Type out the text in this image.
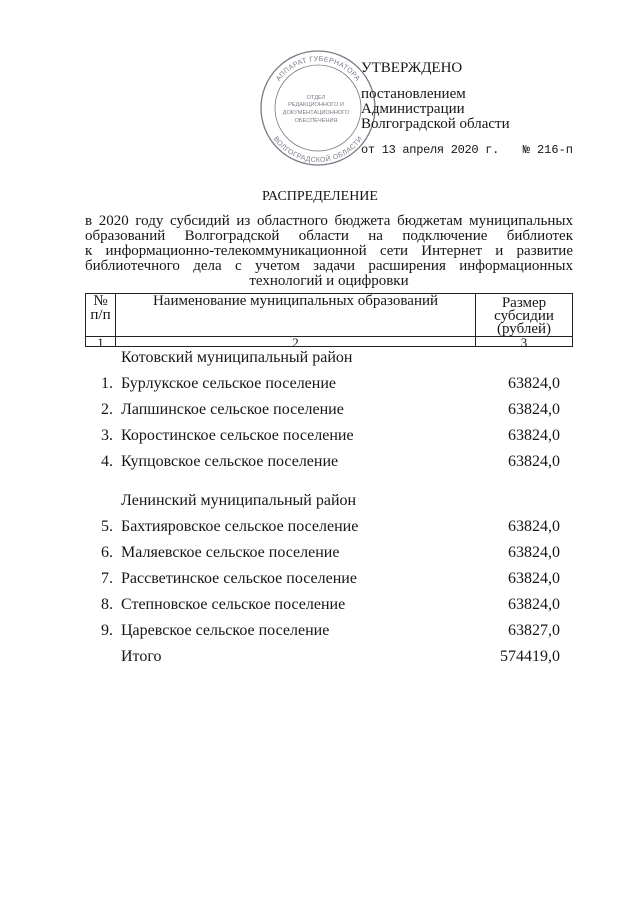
АППАРАТ ГУБЕРНАТОРА
ВОЛГОГРАДСКОЙ ОБЛАСТИ
ОТДЕЛ
РЕДАКЦИОННОГО И
ДОКУМЕНТАЦИОННОГО
ОБЕСПЕЧЕНИЯ
УТВЕРЖДЕНО
постановлением
Администрации
Волгоградской области
от 13 апреля 2020 г. № 216-п
РАСПРЕДЕЛЕНИЕ
в 2020 году субсидий из областного бюджета бюджетам муниципальных
образований Волгоградской области на подключение библиотек
к информационно-телекоммуникационной сети Интернет и развитие
библиотечного дела с учетом задачи расширения информационных
технологий и оцифровки
№
п/п
Наименование муниципальных образований	Размер
субсидии
(рублей)
1	2	3
Котовский муниципальный район
1. Бурлукское сельское поселение	63824,0
2. Лапшинское сельское поселение	63824,0
3. Коростинское сельское поселение	63824,0
4. Купцовское сельское поселение	63824,0
Ленинский муниципальный район
5. Бахтияровское сельское поселение	63824,0
6. Маляевское сельское поселение	63824,0
7. Рассветинское сельское поселение	63824,0
8. Степновское сельское поселение	63824,0
9. Царевское сельское поселение	63827,0
Итого	574419,0
